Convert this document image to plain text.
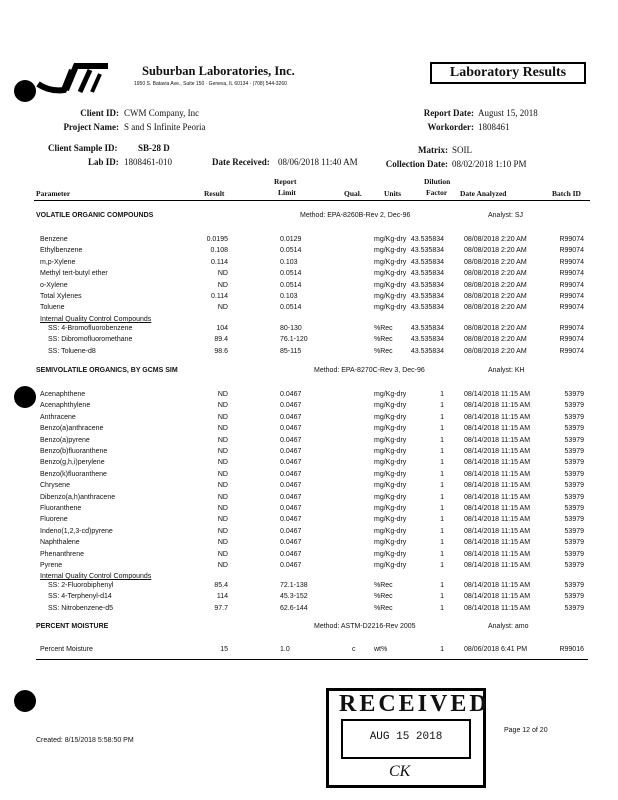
Suburban Laboratories, Inc.
1950 S. Batavia Ave., Suite 150 · Geneva, IL 60134 · (708) 544-3260
Laboratory Results
Client ID: CWM Company, Inc
Project Name: S and S Infinite Peoria
Report Date: August 15, 2018
Workorder: 1808461
Client Sample ID: SB-28 D
Lab ID: 1808461-010	Date Received: 08/06/2018 11:40 AM
Matrix: SOIL
Collection Date: 08/02/2018 1:10 PM
Parameter	Result
Report
Limit	Qual.	Units
Dilution
Factor Date Analyzed	Batch ID
VOLATILE ORGANIC COMPOUNDS	Method: EPA-8260B-Rev 2, Dec-96	Analyst: SJ
Benzene	0.0195	0.0129	mg/Kg-dry 43.535834	08/08/2018 2:20 AM	R99074
Ethylbenzene	0.108	0.0514	mg/Kg-dry 43.535834	08/08/2018 2:20 AM	R99074
m,p-Xylene	0.114	0.103	mg/Kg-dry 43.535834	08/08/2018 2:20 AM	R99074
Methyl tert-butyl ether	ND	0.0514	mg/Kg-dry 43.535834	08/08/2018 2:20 AM	R99074
o-Xylene	ND	0.0514	mg/Kg-dry 43.535834	08/08/2018 2:20 AM	R99074
Total Xylenes	0.114	0.103	mg/Kg-dry 43.535834	08/08/2018 2:20 AM	R99074
Toluene	ND	0.0514	mg/Kg-dry 43.535834	08/08/2018 2:20 AM	R99074
Internal Quality Control Compounds
SS: 4-Bromofluorobenzene	104	80-130	%Rec	43.535834	08/08/2018 2:20 AM	R99074
SS: Dibromofluoromethane	89.4	76.1-120	%Rec	43.535834	08/08/2018 2:20 AM	R99074
SS: Toluene-d8	98.6	85-115	%Rec	43.535834	08/08/2018 2:20 AM	R99074
SEMIVOLATILE ORGANICS, BY GCMS SIM	Method: EPA-8270C-Rev 3, Dec-96	Analyst: KH
Acenaphthene	ND	0.0467	mg/Kg-dry	1	08/14/2018 11:15 AM	53979
Acenaphthylene	ND	0.0467	mg/Kg-dry	1	08/14/2018 11:15 AM	53979
Anthracene	ND	0.0467	mg/Kg-dry	1	08/14/2018 11:15 AM	53979
Benzo(a)anthracene	ND	0.0467	mg/Kg-dry	1	08/14/2018 11:15 AM	53979
Benzo(a)pyrene	ND	0.0467	mg/Kg-dry	1	08/14/2018 11:15 AM	53979
Benzo(b)fluoranthene	ND	0.0467	mg/Kg-dry	1	08/14/2018 11:15 AM	53979
Benzo(g,h,i)perylene	ND	0.0467	mg/Kg-dry	1	08/14/2018 11:15 AM	53979
Benzo(k)fluoranthene	ND	0.0467	mg/Kg-dry	1	08/14/2018 11:15 AM	53979
Chrysene	ND	0.0467	mg/Kg-dry	1	08/14/2018 11:15 AM	53979
Dibenzo(a,h)anthracene	ND	0.0467	mg/Kg-dry	1	08/14/2018 11:15 AM	53979
Fluoranthene	ND	0.0467	mg/Kg-dry	1	08/14/2018 11:15 AM	53979
Fluorene	ND	0.0467	mg/Kg-dry	1	08/14/2018 11:15 AM	53979
Indeno(1,2,3-cd)pyrene	ND	0.0467	mg/Kg-dry	1	08/14/2018 11:15 AM	53979
Naphthalene	ND	0.0467	mg/Kg-dry	1	08/14/2018 11:15 AM	53979
Phenanthrene	ND	0.0467	mg/Kg-dry	1	08/14/2018 11:15 AM	53979
Pyrene	ND	0.0467	mg/Kg-dry	1	08/14/2018 11:15 AM	53979
Internal Quality Control Compounds
SS: 2-Fluorobiphenyl	85.4	72.1-138	%Rec	1	08/14/2018 11:15 AM	53979
SS: 4-Terphenyl-d14	114	45.3-152	%Rec	1	08/14/2018 11:15 AM	53979
SS: Nitrobenzene-d5	97.7	62.6-144	%Rec	1	08/14/2018 11:15 AM	53979
PERCENT MOISTURE	Method: ASTM-D2216-Rev 2005	Analyst: amo
Percent Moisture	15	1.0	c	wt%	1	08/06/2018 6:41 PM	R99016
RECEIVED
AUG 15 2018
CK
Created: 8/15/2018 5:58:50 PM
Page 12 of 20
